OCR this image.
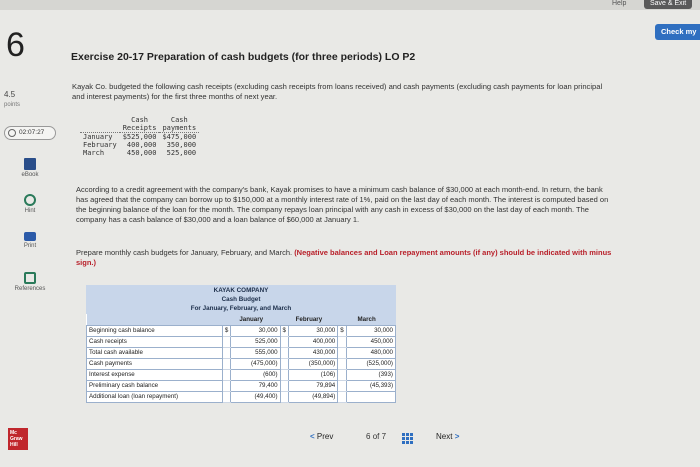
Help	Save & Exit
Check my
6
4.5
points
02:07:27
eBook
Hint
Print
References
Mc Graw Hill
Exercise 20-17 Preparation of cash budgets (for three periods) LO P2
Kayak Co. budgeted the following cash receipts (excluding cash receipts from loans received) and cash payments (excluding cash payments for loan principal and interest payments) for the first three months of next year.
	Cash	Cash
	Receipts	payments
January	$525,000	$475,000
February	400,000	350,000
March	450,000	525,000
According to a credit agreement with the company's bank, Kayak promises to have a minimum cash balance of $30,000 at each month-end. In return, the bank has agreed that the company can borrow up to $150,000 at a monthly interest rate of 1%, paid on the last day of each month. The interest is computed based on the beginning balance of the loan for the month. The company repays loan principal with any cash in excess of $30,000 on the last day of each month. The company has a cash balance of $30,000 and a loan balance of $60,000 at January 1.
Prepare monthly cash budgets for January, February, and March. (Negative balances and Loan repayment amounts (if any) should be indicated with minus sign.)
KAYAK COMPANY
Cash Budget
For January, February, and March
	January		February		March	
Beginning cash balance	$	30,000	$	30,000	$	30,000
Cash receipts		525,000		400,000		450,000
Total cash available		555,000		430,000		480,000
Cash payments		(475,000)		(350,000)		(525,000)
Interest expense		(600)		(106)		(393)
Preliminary cash balance		79,400		79,894		(45,393)
Additional loan (loan repayment)		(49,400)		(49,894)		
< Prev	6 of 7	Next >
